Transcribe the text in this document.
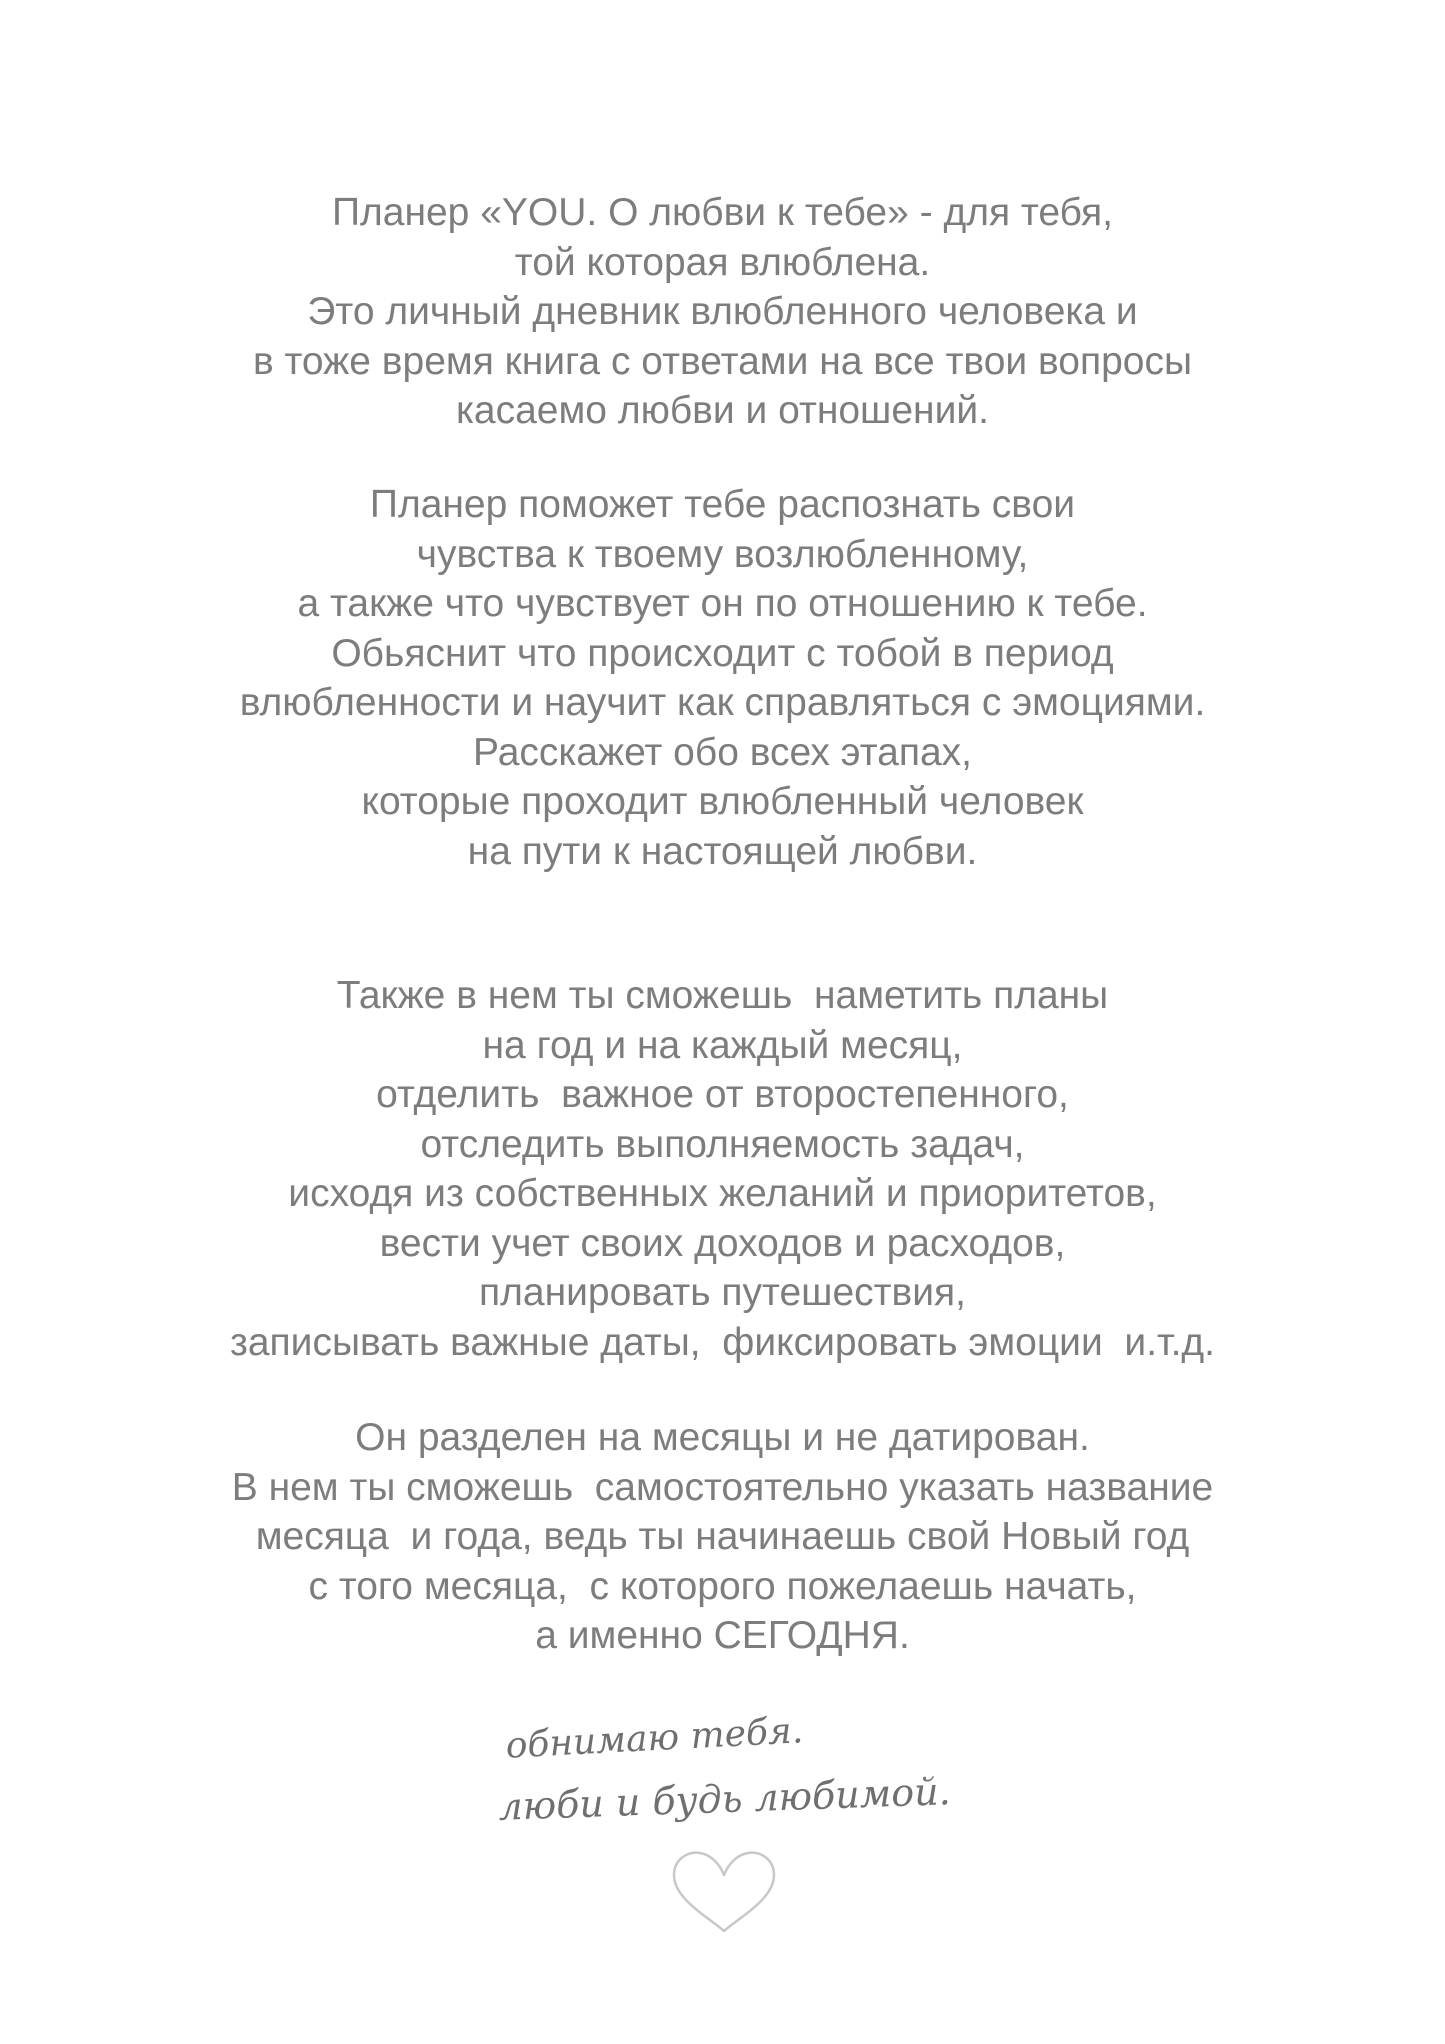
Планер «YOU. О любви к тебе» - для тебя,
той которая влюблена.
Это личный дневник влюбленного человека и
в тоже время книга с ответами на все твои вопросы
касаемо любви и отношений.

Планер поможет тебе распознать свои
чувства к твоему возлюбленному,
а также что чувствует он по отношению к тебе.
Обьяснит что происходит с тобой в период
влюбленности и научит как справляться с эмоциями.
Расскажет обо всех этапах,
которые проходит влюбленный человек
на пути к настоящей любви.

Также в нем ты сможешь  наметить планы
на год и на каждый месяц,
отделить  важное от второстепенного,
отследить выполняемость задач,
исходя из собственных желаний и приоритетов,
вести учет своих доходов и расходов,
планировать путешествия,
записывать важные даты,  фиксировать эмоции  и.т.д.

Он разделен на месяцы и не датирован.
В нем ты сможешь  самостоятельно указать название
месяца  и года, ведь ты начинаешь свой Новый год
с того месяца,  с которого пожелаешь начать,
а именно СЕГОДНЯ.

обнимаю тебя.
люби и будь любимой.
